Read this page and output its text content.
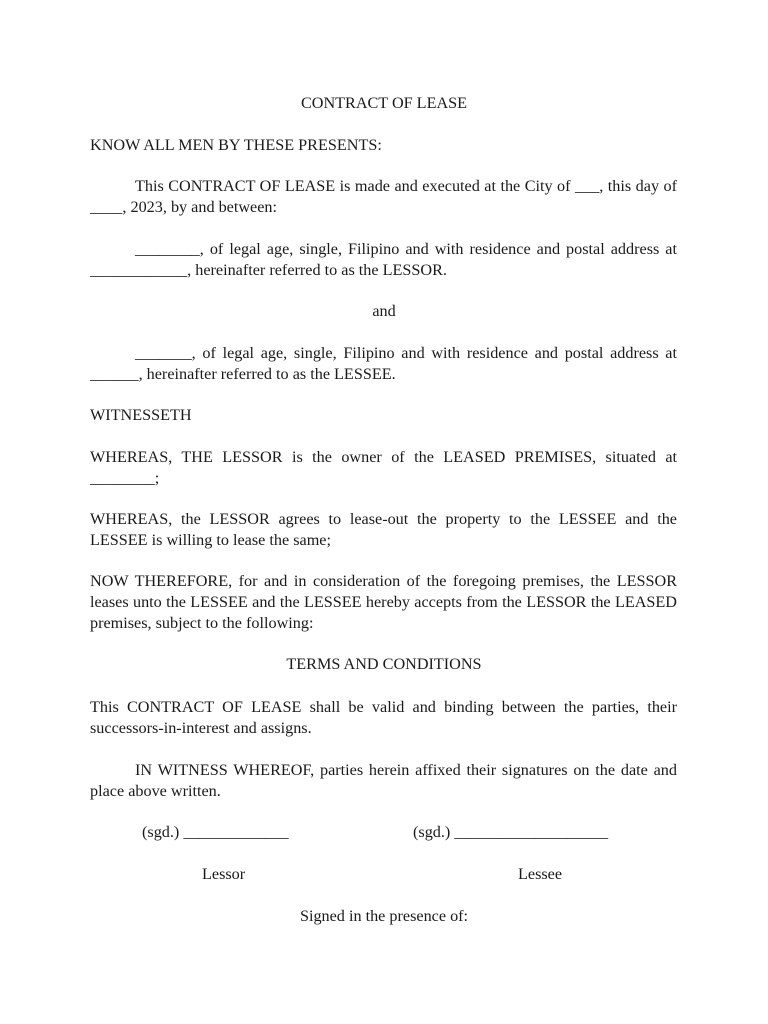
CONTRACT OF LEASE
KNOW ALL MEN BY THESE PRESENTS:
This CONTRACT OF LEASE is made and executed at the City of ___, this day of ____, 2023, by and between:
________, of legal age, single, Filipino and with residence and postal address at ____________, hereinafter referred to as the LESSOR.
and
_______, of legal age, single, Filipino and with residence and postal address at ______, hereinafter referred to as the LESSEE.
WITNESSETH
WHEREAS, THE LESSOR is the owner of the LEASED PREMISES, situated at ________;
WHEREAS, the LESSOR agrees to lease-out the property to the LESSEE and the LESSEE is willing to lease the same;
NOW THEREFORE, for and in consideration of the foregoing premises, the LESSOR leases unto the LESSEE and the LESSEE hereby accepts from the LESSOR the LEASED premises, subject to the following:
TERMS AND CONDITIONS
This CONTRACT OF LEASE shall be valid and binding between the parties, their successors-in-interest and assigns.
IN WITNESS WHEREOF, parties herein affixed their signatures on the date and place above written.
(sgd.) _____________	(sgd.) ___________________
Lessor	Lessee
Signed in the presence of:
